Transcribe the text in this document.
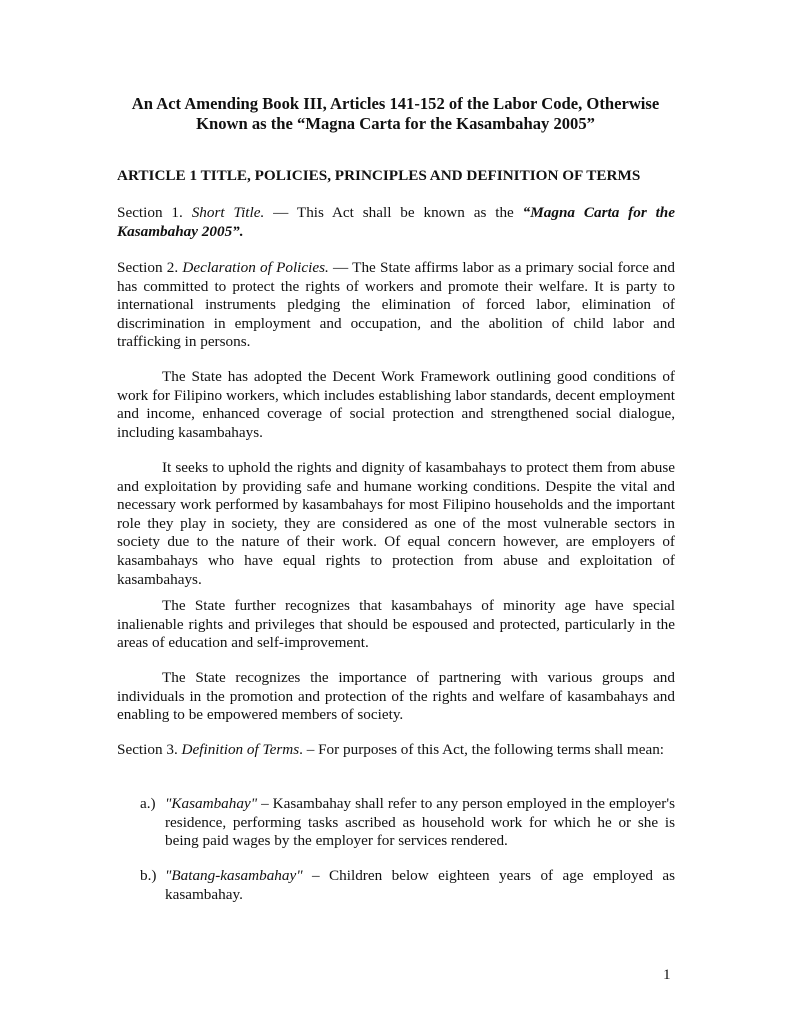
An Act Amending Book III, Articles 141-152 of the Labor Code, Otherwise
Known as the “Magna Carta for the Kasambahay 2005”
ARTICLE 1 TITLE, POLICIES, PRINCIPLES AND DEFINITION OF TERMS
Section 1. Short Title. — This Act shall be known as the “Magna Carta for the Kasambahay 2005”.
Section 2. Declaration of Policies. — The State affirms labor as a primary social force and has committed to protect the rights of workers and promote their welfare. It is party to international instruments pledging the elimination of forced labor, elimination of discrimination in employment and occupation, and the abolition of child labor and trafficking in persons.
The State has adopted the Decent Work Framework outlining good conditions of work for Filipino workers, which includes establishing labor standards, decent employment and income, enhanced coverage of social protection and strengthened social dialogue, including kasambahays.
It seeks to uphold the rights and dignity of kasambahays to protect them from abuse and exploitation by providing safe and humane working conditions. Despite the vital and necessary work performed by kasambahays for most Filipino households and the important role they play in society, they are considered as one of the most vulnerable sectors in society due to the nature of their work. Of equal concern however, are employers of kasambahays who have equal rights to protection from abuse and exploitation of kasambahays.
The State further recognizes that kasambahays of minority age have special inalienable rights and privileges that should be espoused and protected, particularly in the areas of education and self-improvement.
The State recognizes the importance of partnering with various groups and individuals in the promotion and protection of the rights and welfare of kasambahays and enabling to be empowered members of society.
Section 3. Definition of Terms. – For purposes of this Act, the following terms shall mean:
a.) "Kasambahay" – Kasambahay shall refer to any person employed in the employer's residence, performing tasks ascribed as household work for which he or she is being paid wages by the employer for services rendered.
b.) "Batang-kasambahay" – Children below eighteen years of age employed as kasambahay.
1
